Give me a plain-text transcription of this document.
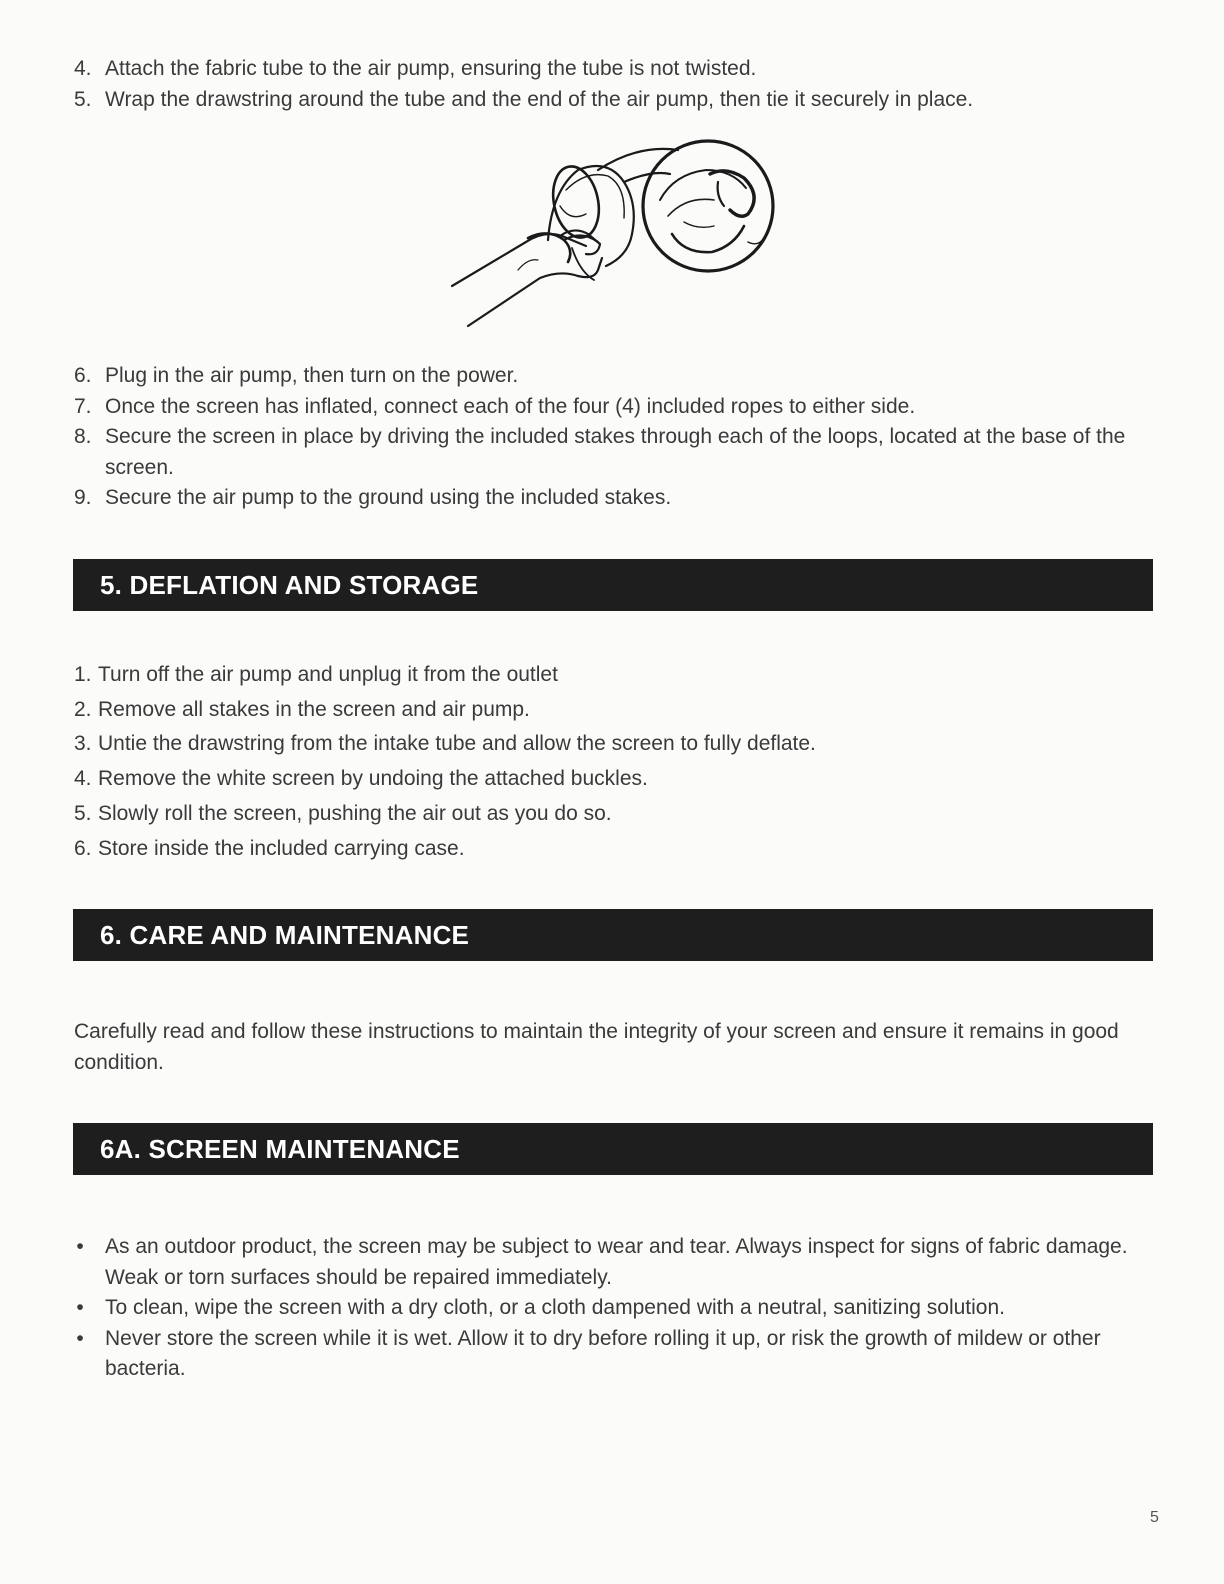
4. Attach the fabric tube to the air pump, ensuring the tube is not twisted.
5. Wrap the drawstring around the tube and the end of the air pump, then tie it securely in place.
6. Plug in the air pump, then turn on the power.
7. Once the screen has inflated, connect each of the four (4) included ropes to either side.
8. Secure the screen in place by driving the included stakes through each of the loops, located at the base of the screen.
9. Secure the air pump to the ground using the included stakes.
5. DEFLATION AND STORAGE
1. Turn off the air pump and unplug it from the outlet
2. Remove all stakes in the screen and air pump.
3. Untie the drawstring from the intake tube and allow the screen to fully deflate.
4. Remove the white screen by undoing the attached buckles.
5. Slowly roll the screen, pushing the air out as you do so.
6. Store inside the included carrying case.
6. CARE AND MAINTENANCE

Carefully read and follow these instructions to maintain the integrity of your screen and ensure it remains in good condition.

6A. SCREEN MAINTENANCE
• As an outdoor product, the screen may be subject to wear and tear. Always inspect for signs of fabric damage. Weak or torn surfaces should be repaired immediately.
• To clean, wipe the screen with a dry cloth, or a cloth dampened with a neutral, sanitizing solution.
• Never store the screen while it is wet. Allow it to dry before rolling it up, or risk the growth of mildew or other bacteria.
5
